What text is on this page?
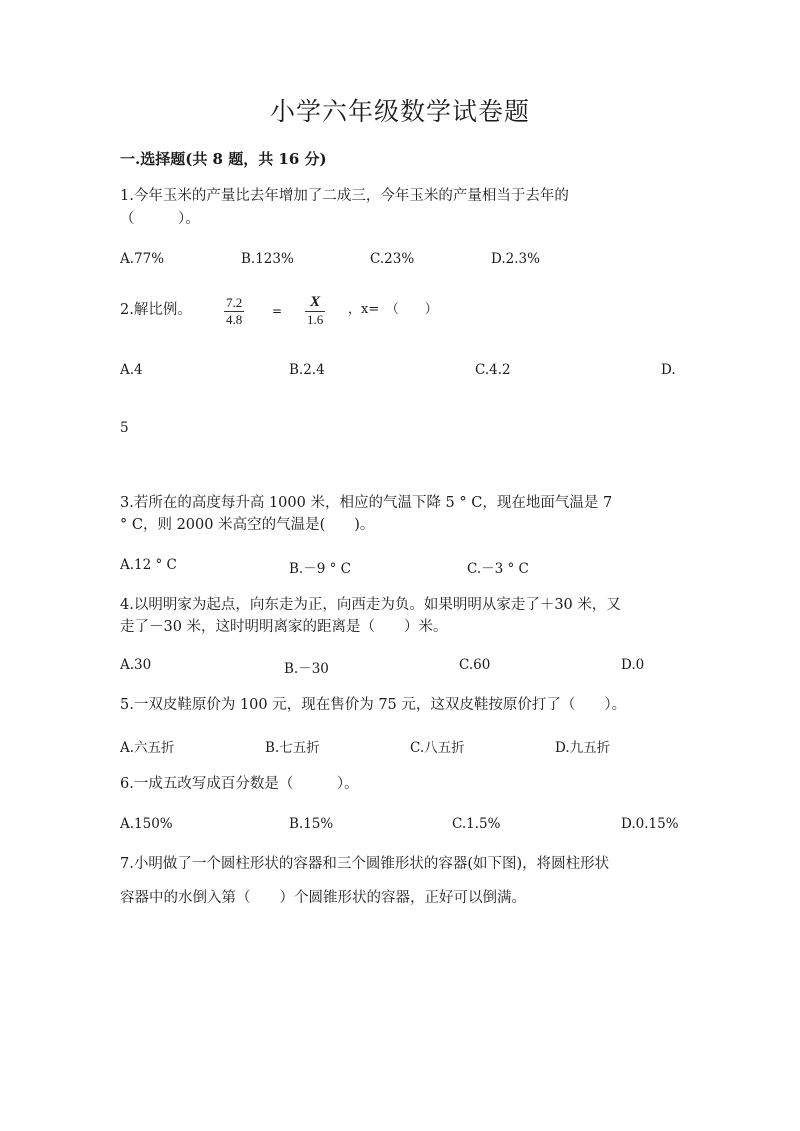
小学六年级数学试卷题
一.选择题(共 8 题，共 16 分)
1.今年玉米的产量比去年增加了二成三，今年玉米的产量相当于去年的
（　　　）。
A.77%	B.123%	C.23%	D.2.3%
2.解比例。 $\frac{7.2}{4.8} = \frac{X}{1.6}$ ，x=　（　　）
A.4	B.2.4	C.4.2	D.
5
3.若所在的高度每升高 1000 米，相应的气温下降 5 ° C，现在地面气温是 7
° C，则 2000 米高空的气温是(　　)。
A.12 ° C	B.－9 ° C	C.－3 ° C
4.以明明家为起点，向东走为正，向西走为负。如果明明从家走了＋30 米，又
走了－30 米，这时明明离家的距离是（　　）米。
A.30	B.－30	C.60	D.0
5.一双皮鞋原价为 100 元，现在售价为 75 元，这双皮鞋按原价打了（　　）。
A.六五折	B.七五折	C.八五折	D.九五折
6.一成五改写成百分数是（　　　）。
A.150%	B.15%	C.1.5%	D.0.15%
7.小明做了一个圆柱形状的容器和三个圆锥形状的容器(如下图)，将圆柱形状
容器中的水倒入第（　　）个圆锥形状的容器，正好可以倒满。
